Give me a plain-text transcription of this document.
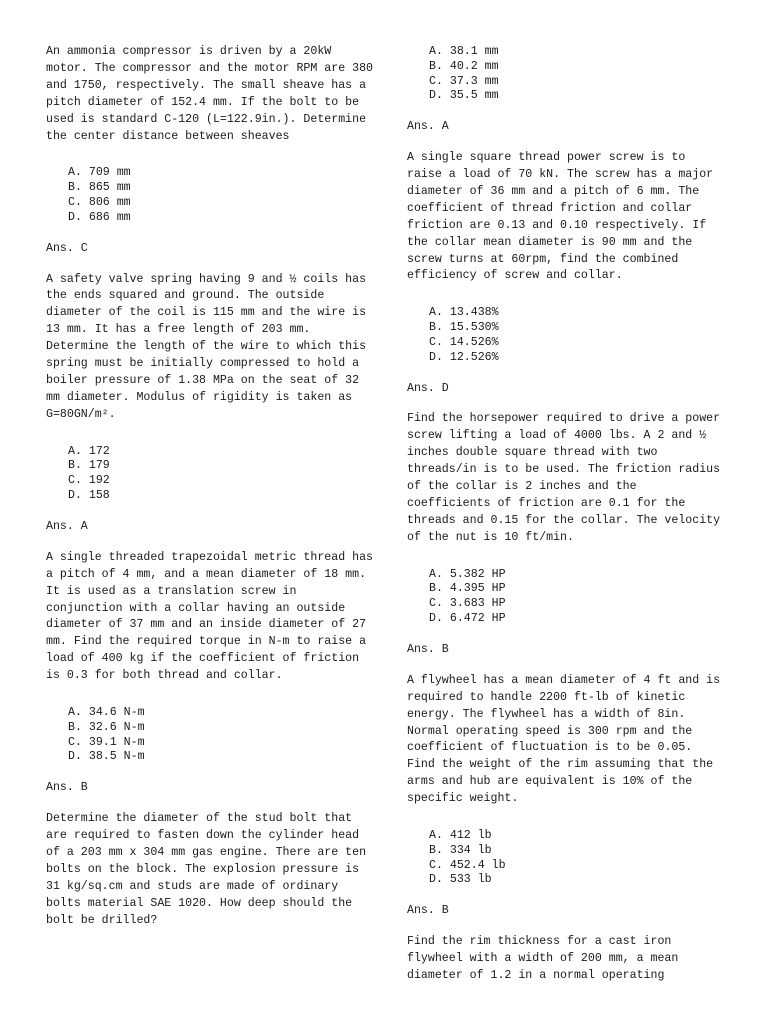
An ammonia compressor is driven by a 20kW motor. The compressor and the motor RPM are 380 and 1750, respectively. The small sheave has a pitch diameter of 152.4 mm. If the bolt to be used is standard C-120 (L=122.9in.). Determine the center distance between sheaves

A. 709 mm
B. 865 mm
C. 806 mm
D. 686 mm

Ans. C

A safety valve spring having 9 and ½ coils has the ends squared and ground. The outside diameter of the coil is 115 mm and the wire is 13 mm. It has a free length of 203 mm. Determine the length of the wire to which this spring must be initially compressed to hold a boiler pressure of 1.38 MPa on the seat of 32 mm diameter. Modulus of rigidity is taken as G=80GN/m².

A. 172
B. 179
C. 192
D. 158

Ans. A

A single threaded trapezoidal metric thread has a pitch of 4 mm, and a mean diameter of 18 mm. It is used as a translation screw in conjunction with a collar having an outside diameter of 37 mm and an inside diameter of 27 mm. Find the required torque in N-m to raise a load of 400 kg if the coefficient of friction is 0.3 for both thread and collar.

A. 34.6 N-m
B. 32.6 N-m
C. 39.1 N-m
D. 38.5 N-m

Ans. B

Determine the diameter of the stud bolt that are required to fasten down the cylinder head of a 203 mm x 304 mm gas engine. There are ten bolts on the block. The explosion pressure is 31 kg/sq.cm and studs are made of ordinary bolts material SAE 1020. How deep should the bolt be drilled?

A. 38.1 mm
B. 40.2 mm
C. 37.3 mm
D. 35.5 mm

Ans. A

A single square thread power screw is to raise a load of 70 kN. The screw has a major diameter of 36 mm and a pitch of 6 mm. The coefficient of thread friction and collar friction are 0.13 and 0.10 respectively. If the collar mean diameter is 90 mm and the screw turns at 60rpm, find the combined efficiency of screw and collar.

A. 13.438%
B. 15.530%
C. 14.526%
D. 12.526%

Ans. D

Find the horsepower required to drive a power screw lifting a load of 4000 lbs. A 2 and ½ inches double square thread with two threads/in is to be used. The friction radius of the collar is 2 inches and the coefficients of friction are 0.1 for the threads and 0.15 for the collar. The velocity of the nut is 10 ft/min.

A. 5.382 HP
B. 4.395 HP
C. 3.683 HP
D. 6.472 HP

Ans. B

A flywheel has a mean diameter of 4 ft and is required to handle 2200 ft-lb of kinetic energy. The flywheel has a width of 8in. Normal operating speed is 300 rpm and the coefficient of fluctuation is to be 0.05. Find the weight of the rim assuming that the arms and hub are equivalent is 10% of the specific weight.

A. 412 lb
B. 334 lb
C. 452.4 lb
D. 533 lb

Ans. B

Find the rim thickness for a cast iron flywheel with a width of 200 mm, a mean diameter of 1.2 in a normal operating
